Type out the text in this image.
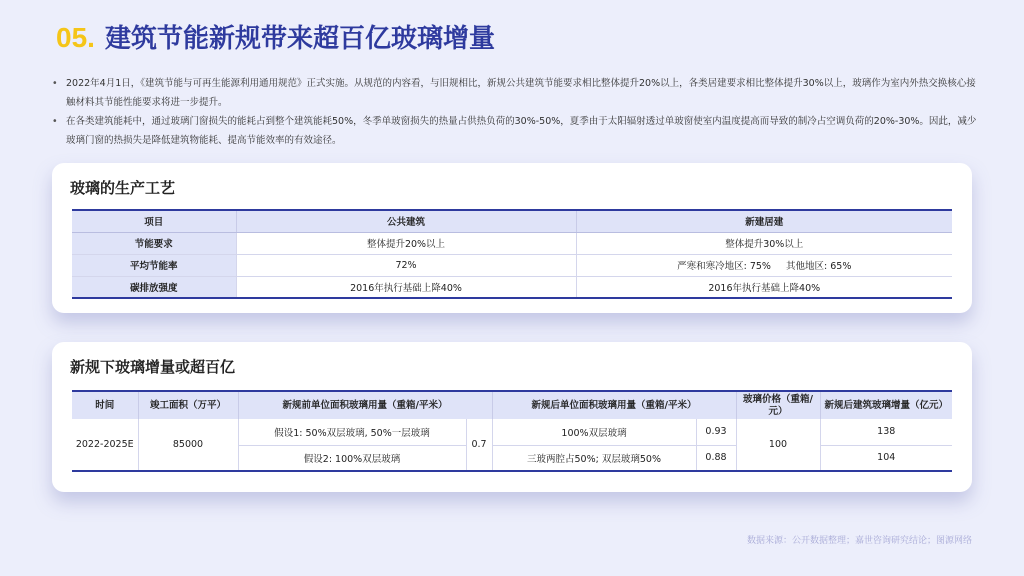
05. 建筑节能新规带来超百亿玻璃增量

• 2022年4月1日，《建筑节能与可再生能源利用通用规范》正式实施。从规范的内容看，与旧规相比，新规公共建筑节能要求相比整体提升20%以上，各类居建要求相比整体提升30%以上，玻璃作为室内外热交换核心接触材料其节能性能要求将进一步提升。

• 在各类建筑能耗中，通过玻璃门窗损失的能耗占到整个建筑能耗50%，冬季单玻窗损失的热量占供热负荷的30%-50%，夏季由于太阳辐射透过单玻窗使室内温度提高而导致的制冷占空调负荷的20%-30%。因此，减少玻璃门窗的热损失是降低建筑物能耗、提高节能效率的有效途径。

玻璃的生产工艺
项目	公共建筑	新建居建
节能要求	整体提升20%以上	整体提升30%以上
平均节能率	72%	严寒和寒冷地区: 75%     其他地区: 65%
碳排放强度	2016年执行基础上降40%	2016年执行基础上降40%
新规下玻璃增量或超百亿
时间	竣工面积（万平）	新规前单位面积玻璃用量（重箱/平米）		新规后单位面积玻璃用量（重箱/平米）		玻璃价格（重箱/元）	新规后建筑玻璃增量（亿元）
2022-2025E	85000	假设1: 50%双层玻璃, 50%一层玻璃	0.7	100%双层玻璃	0.93	100	138
		假设2: 100%双层玻璃		三玻两腔占50%; 双层玻璃50%	0.88		104
数据来源：公开数据整理；嘉世咨询研究结论；图源网络
